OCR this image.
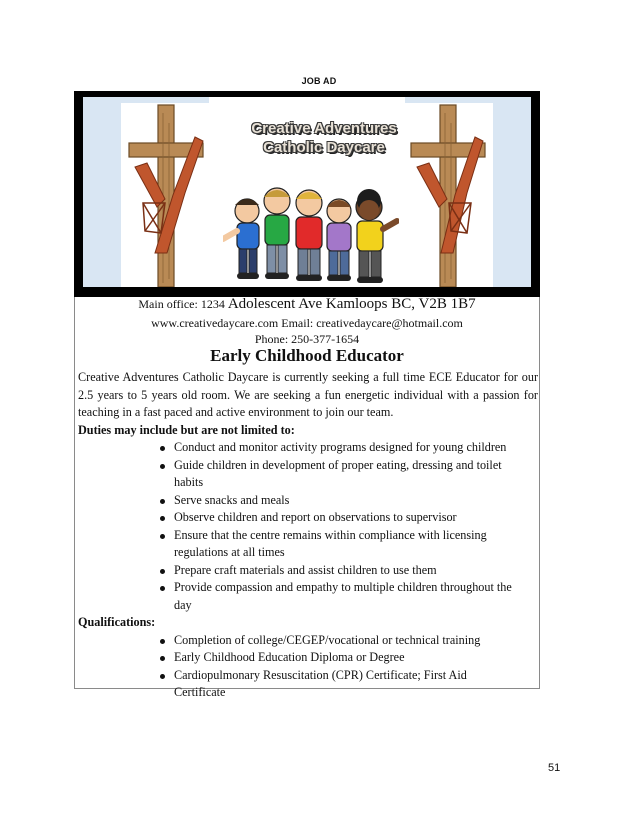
JOB AD
Creative Adventures
Catholic Daycare
Main office: 1234 Adolescent Ave Kamloops BC, V2B 1B7
www.creativedaycare.com Email: creativedaycare@hotmail.com
Phone: 250-377-1654
Early Childhood Educator
Creative Adventures Catholic Daycare is currently seeking a full time ECE Educator for our 2.5 years to 5 years old room. We are seeking a fun energetic individual with a passion for teaching in a fast paced and active environment to join our team.
Duties may include but are not limited to:
Conduct and monitor activity programs designed for young children
Guide children in development of proper eating, dressing and toilet habits
Serve snacks and meals
Observe children and report on observations to supervisor
Ensure that the centre remains within compliance with licensing regulations at all times
Prepare craft materials and assist children to use them
Provide compassion and empathy to multiple children throughout the day
Qualifications:
Completion of college/CEGEP/vocational or technical training
Early Childhood Education Diploma or Degree
Cardiopulmonary Resuscitation (CPR) Certificate; First Aid Certificate
51
